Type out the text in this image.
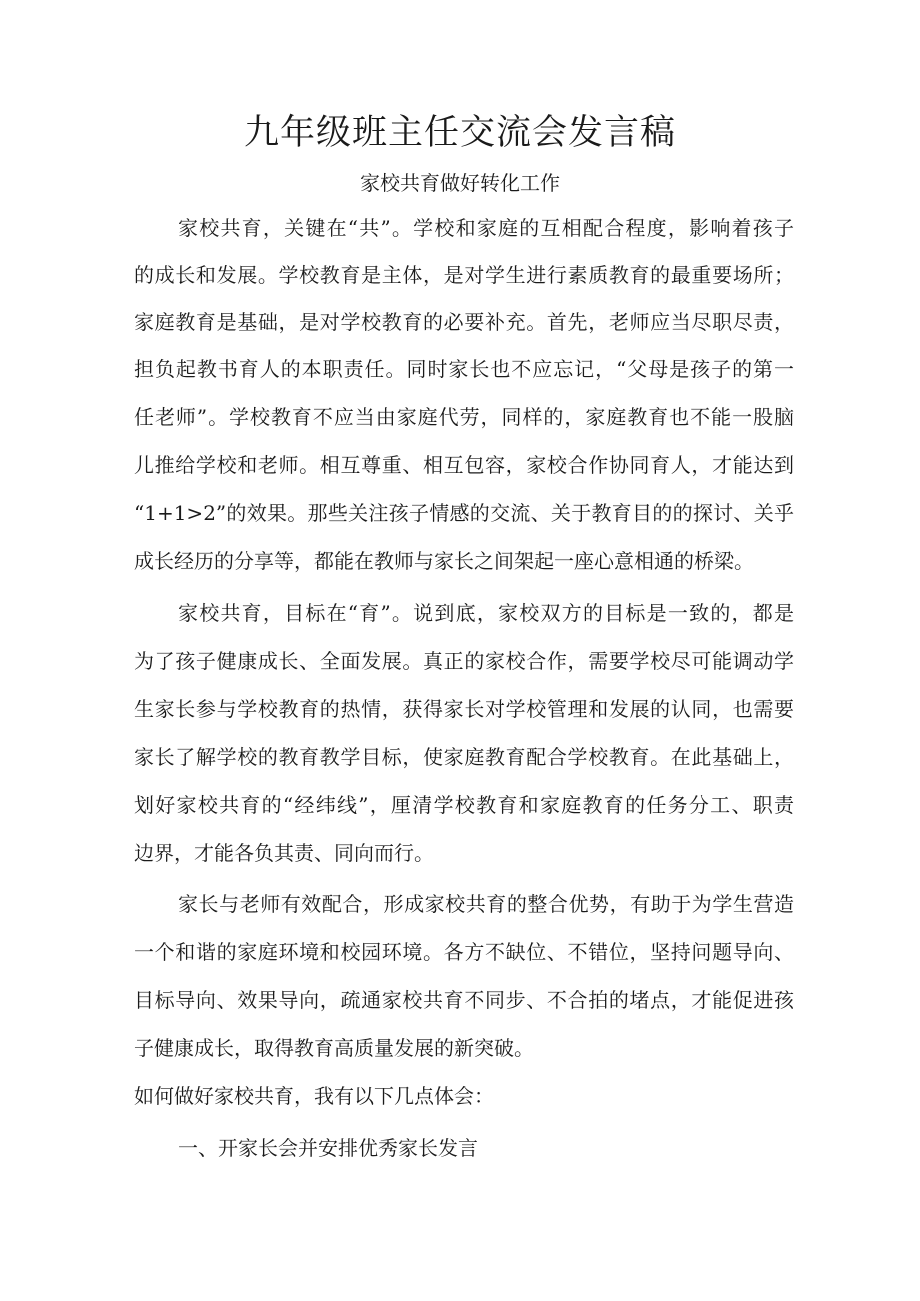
九年级班主任交流会发言稿
家校共育做好转化工作
家校共育，关键在“共”。学校和家庭的互相配合程度，影响着孩子
的成长和发展。学校教育是主体，是对学生进行素质教育的最重要场所；
家庭教育是基础，是对学校教育的必要补充。首先，老师应当尽职尽责，
担负起教书育人的本职责任。同时家长也不应忘记，“父母是孩子的第一
任老师”。学校教育不应当由家庭代劳，同样的，家庭教育也不能一股脑
儿推给学校和老师。相互尊重、相互包容，家校合作协同育人，才能达到
“1+1>2”的效果。那些关注孩子情感的交流、关于教育目的的探讨、关乎
成长经历的分享等，都能在教师与家长之间架起一座心意相通的桥梁。
家校共育，目标在“育”。说到底，家校双方的目标是一致的，都是
为了孩子健康成长、全面发展。真正的家校合作，需要学校尽可能调动学
生家长参与学校教育的热情，获得家长对学校管理和发展的认同，也需要
家长了解学校的教育教学目标，使家庭教育配合学校教育。在此基础上，
划好家校共育的“经纬线”，厘清学校教育和家庭教育的任务分工、职责
边界，才能各负其责、同向而行。
家长与老师有效配合，形成家校共育的整合优势，有助于为学生营造
一个和谐的家庭环境和校园环境。各方不缺位、不错位，坚持问题导向、
目标导向、效果导向，疏通家校共育不同步、不合拍的堵点，才能促进孩
子健康成长，取得教育高质量发展的新突破。
如何做好家校共育，我有以下几点体会：
一、开家长会并安排优秀家长发言
